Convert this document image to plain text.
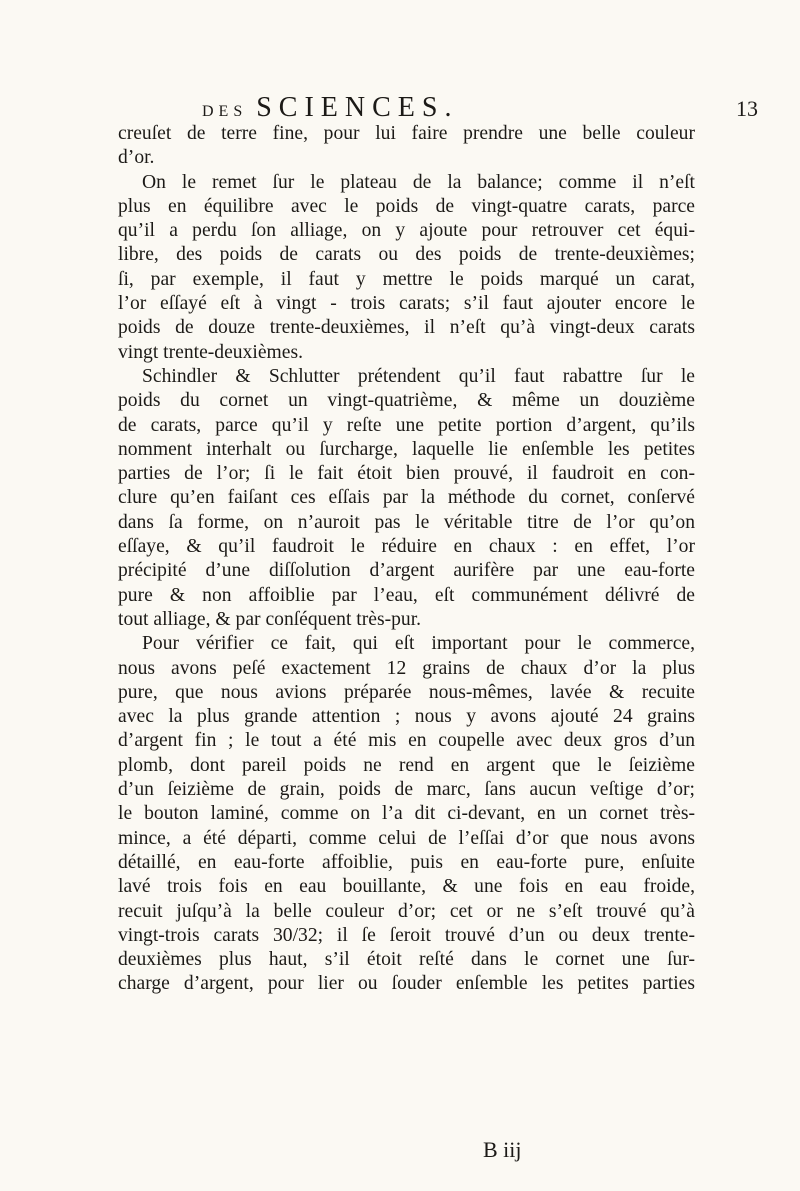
DES SCIENCES.	13
creuſet de terre fine, pour lui faire prendre une belle couleur
d’or.
On le remet ſur le plateau de la balance; comme il n’eſt
plus en équilibre avec le poids de vingt-quatre carats, parce
qu’il a perdu ſon alliage, on y ajoute pour retrouver cet équi-
libre, des poids de carats ou des poids de trente-deuxièmes;
ſi, par exemple, il faut y mettre le poids marqué un carat,
l’or eſſayé eſt à vingt - trois carats; s’il faut ajouter encore le
poids de douze trente-deuxièmes, il n’eſt qu’à vingt-deux carats
vingt trente-deuxièmes.
Schindler & Schlutter prétendent qu’il faut rabattre ſur le
poids du cornet un vingt-quatrième, & même un douzième
de carats, parce qu’il y reſte une petite portion d’argent, qu’ils
nomment interhalt ou ſurcharge, laquelle lie enſemble les petites
parties de l’or; ſi le fait étoit bien prouvé, il faudroit en con-
clure qu’en faiſant ces eſſais par la méthode du cornet, conſervé
dans ſa forme, on n’auroit pas le véritable titre de l’or qu’on
eſſaye, & qu’il faudroit le réduire en chaux : en effet, l’or
précipité d’une diſſolution d’argent aurifère par une eau-forte
pure & non affoiblie par l’eau, eſt communément délivré de
tout alliage, & par conſéquent très-pur.
Pour vérifier ce fait, qui eſt important pour le commerce,
nous avons peſé exactement 12 grains de chaux d’or la plus
pure, que nous avions préparée nous-mêmes, lavée & recuite
avec la plus grande attention ; nous y avons ajouté 24 grains
d’argent fin ; le tout a été mis en coupelle avec deux gros d’un
plomb, dont pareil poids ne rend en argent que le ſeizième
d’un ſeizième de grain, poids de marc, ſans aucun veſtige d’or;
le bouton laminé, comme on l’a dit ci-devant, en un cornet très-
mince, a été départi, comme celui de l’eſſai d’or que nous avons
détaillé, en eau-forte affoiblie, puis en eau-forte pure, enſuite
lavé trois fois en eau bouillante, & une fois en eau froide,
recuit juſqu’à la belle couleur d’or; cet or ne s’eſt trouvé qu’à
vingt-trois carats 30/32; il ſe ſeroit trouvé d’un ou deux trente-
deuxièmes plus haut, s’il étoit reſté dans le cornet une ſur-
charge d’argent, pour lier ou ſouder enſemble les petites parties
B iij
